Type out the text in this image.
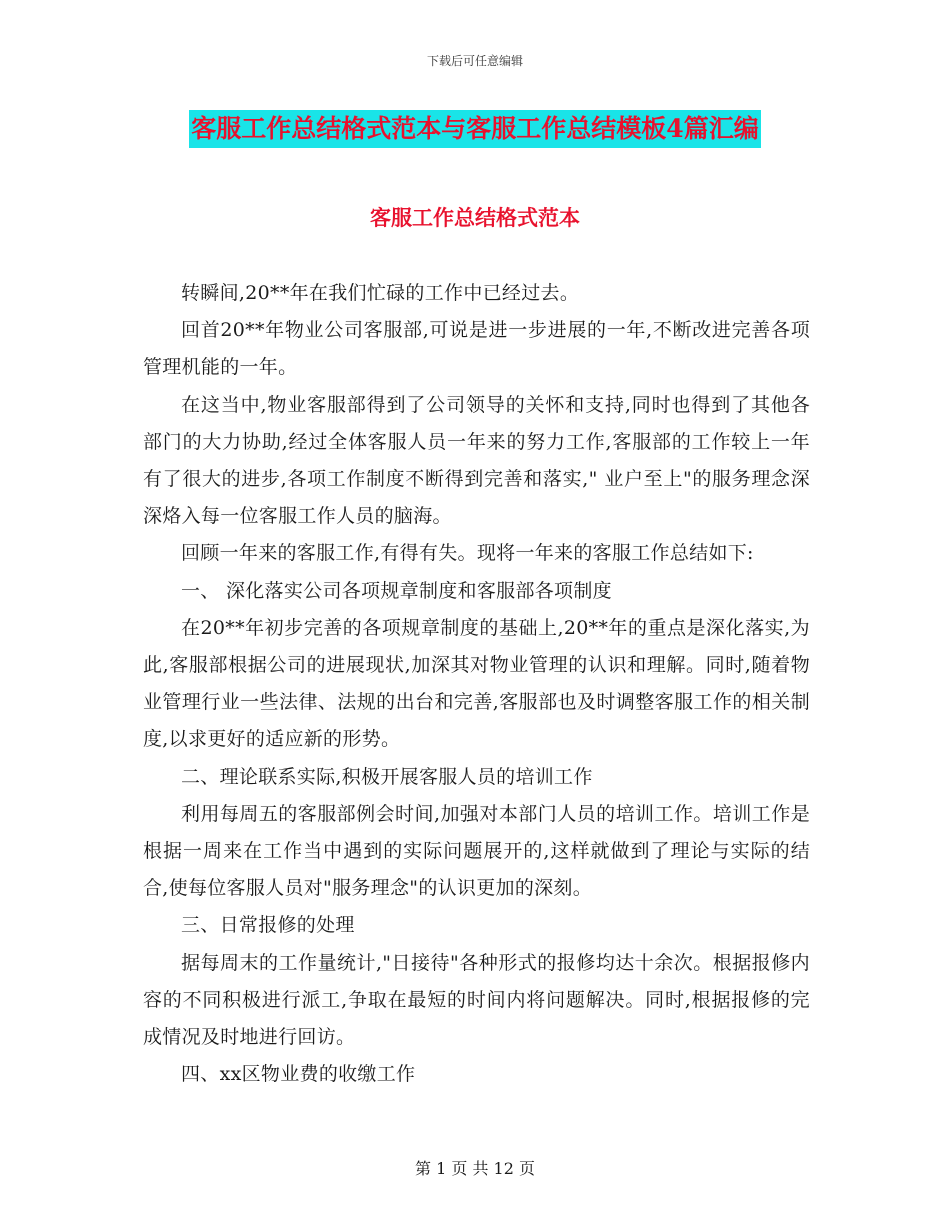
下载后可任意编辑
客服工作总结格式范本与客服工作总结模板4篇汇编
客服工作总结格式范本

转瞬间,20**年在我们忙碌的工作中已经过去。

回首20**年物业公司客服部,可说是进一步进展的一年,不断改进完善各项管理机能的一年。

在这当中,物业客服部得到了公司领导的关怀和支持,同时也得到了其他各部门的大力协助,经过全体客服人员一年来的努力工作,客服部的工作较上一年有了很大的进步,各项工作制度不断得到完善和落实," 业户至上"的服务理念深深烙入每一位客服工作人员的脑海。

回顾一年来的客服工作,有得有失。现将一年来的客服工作总结如下:

一、 深化落实公司各项规章制度和客服部各项制度

在20**年初步完善的各项规章制度的基础上,20**年的重点是深化落实,为此,客服部根据公司的进展现状,加深其对物业管理的认识和理解。同时,随着物业管理行业一些法律、法规的出台和完善,客服部也及时调整客服工作的相关制度,以求更好的适应新的形势。

二、理论联系实际,积极开展客服人员的培训工作

利用每周五的客服部例会时间,加强对本部门人员的培训工作。培训工作是根据一周来在工作当中遇到的实际问题展开的,这样就做到了理论与实际的结合,使每位客服人员对"服务理念"的认识更加的深刻。

三、日常报修的处理

据每周末的工作量统计,"日接待"各种形式的报修均达十余次。根据报修内容的不同积极进行派工,争取在最短的时间内将问题解决。同时,根据报修的完成情况及时地进行回访。

四、xx区物业费的收缴工作

第 1 页 共 12 页
